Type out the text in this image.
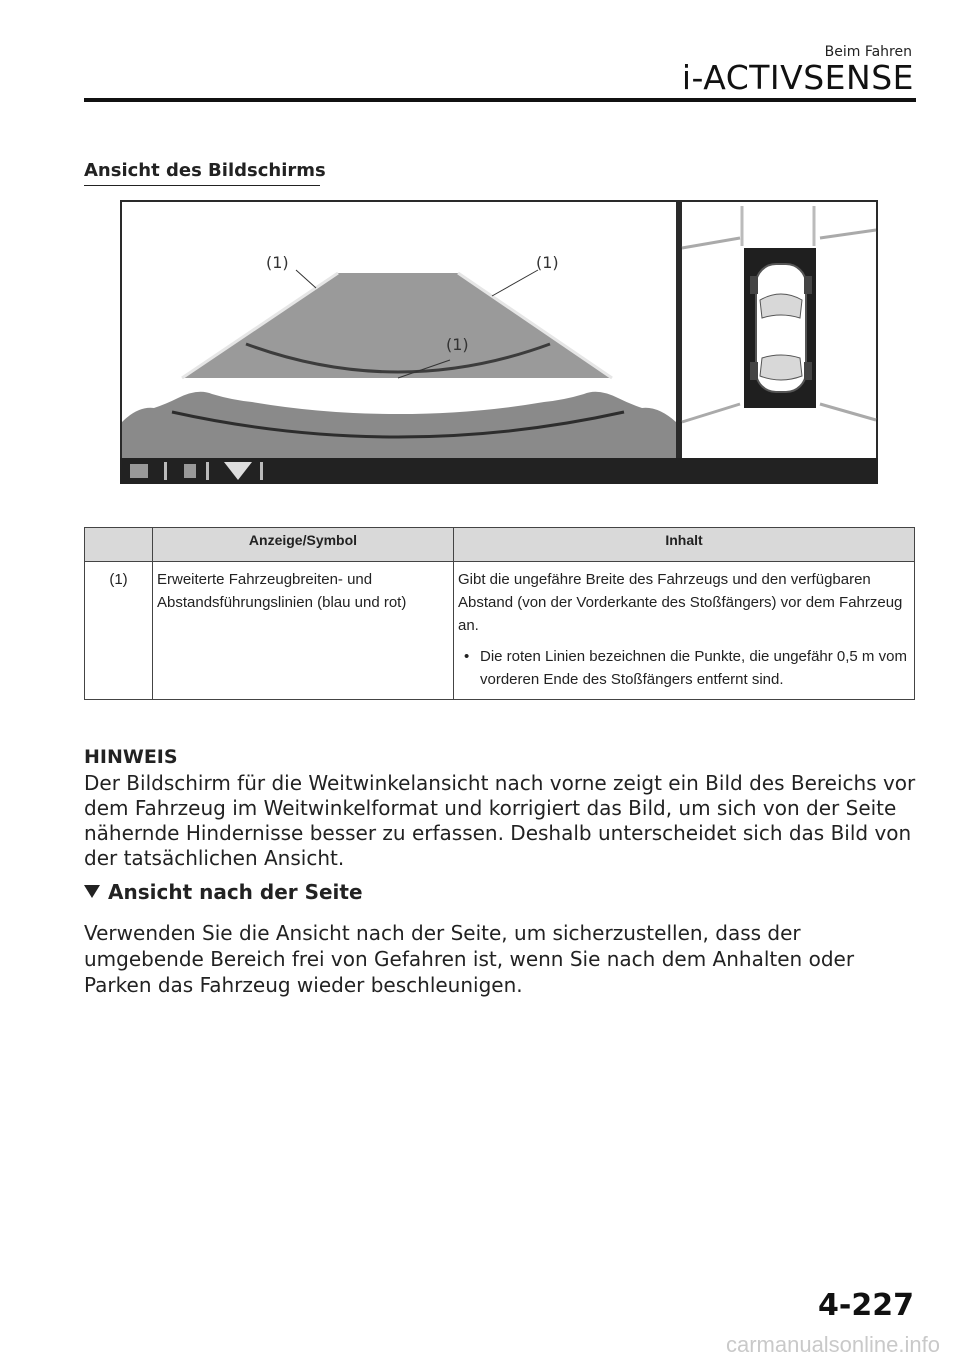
Beim Fahren
i-ACTIVSENSE
Ansicht des Bildschirms
(1)	(1)
(1)
	Anzeige/Symbol	Inhalt
(1)	Erweiterte Fahrzeugbreiten- und Abstandsführungslinien (blau und rot)	Gibt die ungefähre Breite des Fahrzeugs und den verfügbaren Abstand (von der Vorderkante des Stoßfängers) vor dem Fahrzeug an.
• Die roten Linien bezeichnen die Punkte, die ungefähr 0,5 m vom vorderen Ende des Stoßfängers entfernt sind.
HINWEIS
Der Bildschirm für die Weitwinkelansicht nach vorne zeigt ein Bild des Bereichs vor dem Fahrzeug im Weitwinkelformat und korrigiert das Bild, um sich von der Seite nähernde Hindernisse besser zu erfassen. Deshalb unterscheidet sich das Bild von der tatsächlichen Ansicht.
Ansicht nach der Seite
Verwenden Sie die Ansicht nach der Seite, um sicherzustellen, dass der umgebende Bereich frei von Gefahren ist, wenn Sie nach dem Anhalten oder Parken das Fahrzeug wieder beschleunigen.
4-227
carmanualsonline.info
